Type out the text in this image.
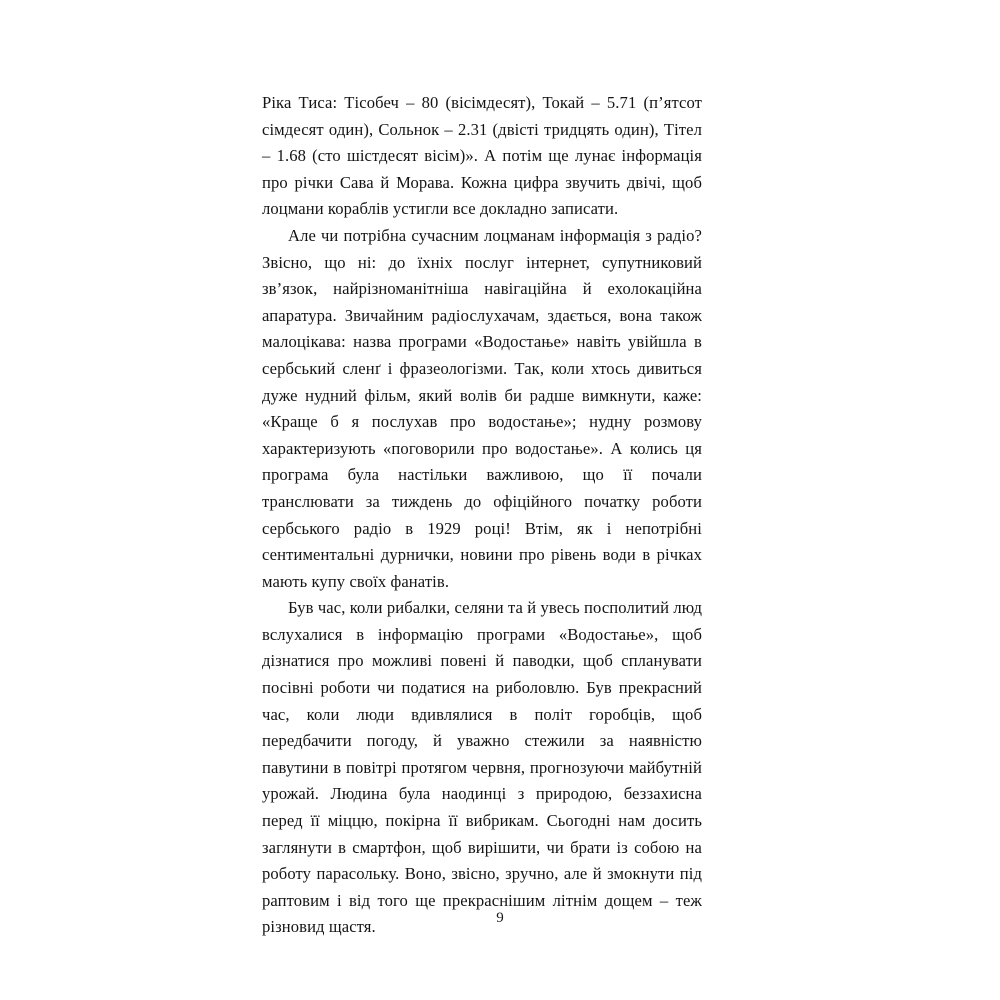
Ріка Тиса: Тісобеч – 80 (вісімдесят), Токай – 5.71 (п’ятсот сімдесят один), Сольнок – 2.31 (двісті тридцять один), Тітел – 1.68 (сто шістдесят вісім)». А потім ще лунає інформація про річки Сава й Морава. Кожна цифра звучить двічі, щоб лоцмани кораблів устигли все докладно записати.

Але чи потрібна сучасним лоцманам інформація з радіо? Звісно, що ні: до їхніх послуг інтернет, супутниковий зв’язок, найрізноманітніша навігаційна й ехолокаційна апаратура. Звичайним радіослухачам, здається, вона також малоцікава: назва програми «Водостање» навіть увійшла в сербський сленґ і фразеологізми. Так, коли хтось дивиться дуже нудний фільм, який волів би радше вимкнути, каже: «Краще б я послухав про водостање»; нудну розмову характеризують «поговорили про водостање». А колись ця програма була настільки важливою, що її почали транслювати за тиждень до офіційного початку роботи сербського радіо в 1929 році! Втім, як і непотрібні сентиментальні дурнички, новини про рівень води в річках мають купу своїх фанатів.

Був час, коли рибалки, селяни та й увесь посполитий люд вслухалися в інформацію програми «Водостање», щоб дізнатися про можливі повені й паводки, щоб спланувати посівні роботи чи податися на риболовлю. Був прекрасний час, коли люди вдивлялися в політ горобців, щоб передбачити погоду, й уважно стежили за наявністю павутини в повітрі протягом червня, прогнозуючи майбутній урожай. Людина була наодинці з природою, беззахисна перед її міццю, покірна її вибрикам. Сьогодні нам досить заглянути в смартфон, щоб вирішити, чи брати із собою на роботу парасольку. Воно, звісно, зручно, але й змокнути під раптовим і від того ще прекраснішим літнім дощем – теж різновид щастя.	9
